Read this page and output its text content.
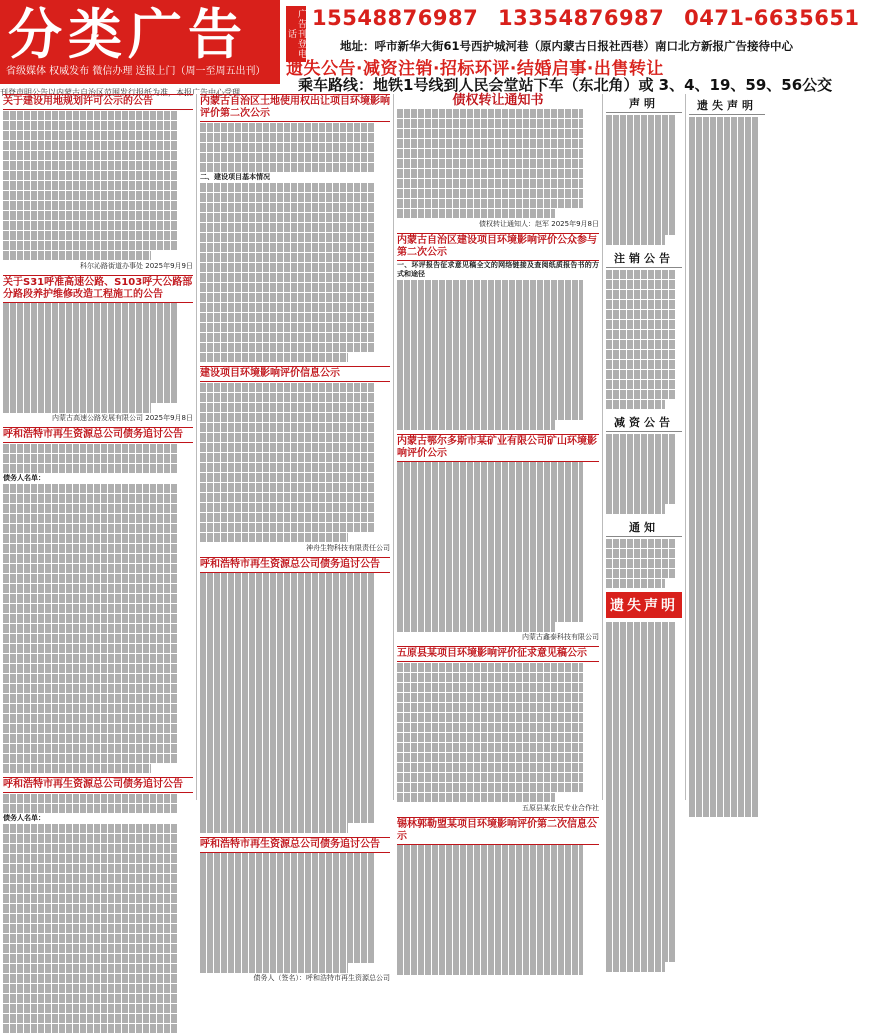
分类广告
省级媒体 权威发布 微信办理 送报上门（周一至周五出刊）
广告刊登电话
15548876987 13354876987 0471-6635651
地址：呼市新华大街61号西护城河巷（原内蒙古日报社西巷）南口北方新报广告接待中心
遗失公告·减资注销·招标环评·结婚启事·出售转让
乘车路线：地铁1号线到人民会堂站下车（东北角）或 3、4、19、59、56公交
刊登声明公告以内蒙古自治区范围发行报纸为准，本报广告中心受理
关于建设用地规划许可公示的公告
科尔沁路街道办事处 2025年9月9日
关于S31呼准高速公路、S103呼大公路部分路段养护维修改造工程施工的公告
内蒙古高速公路发展有限公司 2025年9月8日
呼和浩特市再生资源总公司债务追讨公告
债务人名单：
呼和浩特市再生资源总公司债务追讨公告
债务人名单：
内蒙古自治区土地使用权出让项目环境影响评价第二次公示
二、建设项目基本情况
建设项目环境影响评价信息公示
神舟生物科技有限责任公司
呼和浩特市再生资源总公司债务追讨公告
呼和浩特市再生资源总公司债务追讨公告
债务人（签名）：呼和浩特市再生资源总公司
债权转让通知书
债权转让通知人：赵军 2025年9月8日
内蒙古自治区建设项目环境影响评价公众参与第二次公示
一、环评报告征求意见稿全文的网络链接及查阅纸质报告书的方式和途径
内蒙古鄂尔多斯市某矿业有限公司矿山环境影响评价公示
内蒙古鑫泰科技有限公司
五原县某项目环境影响评价征求意见稿公示
五原县某农民专业合作社
锡林郭勒盟某项目环境影响评价第二次信息公示
声明
注销公告
减资公告
通知
遗失声明
遗失声明
